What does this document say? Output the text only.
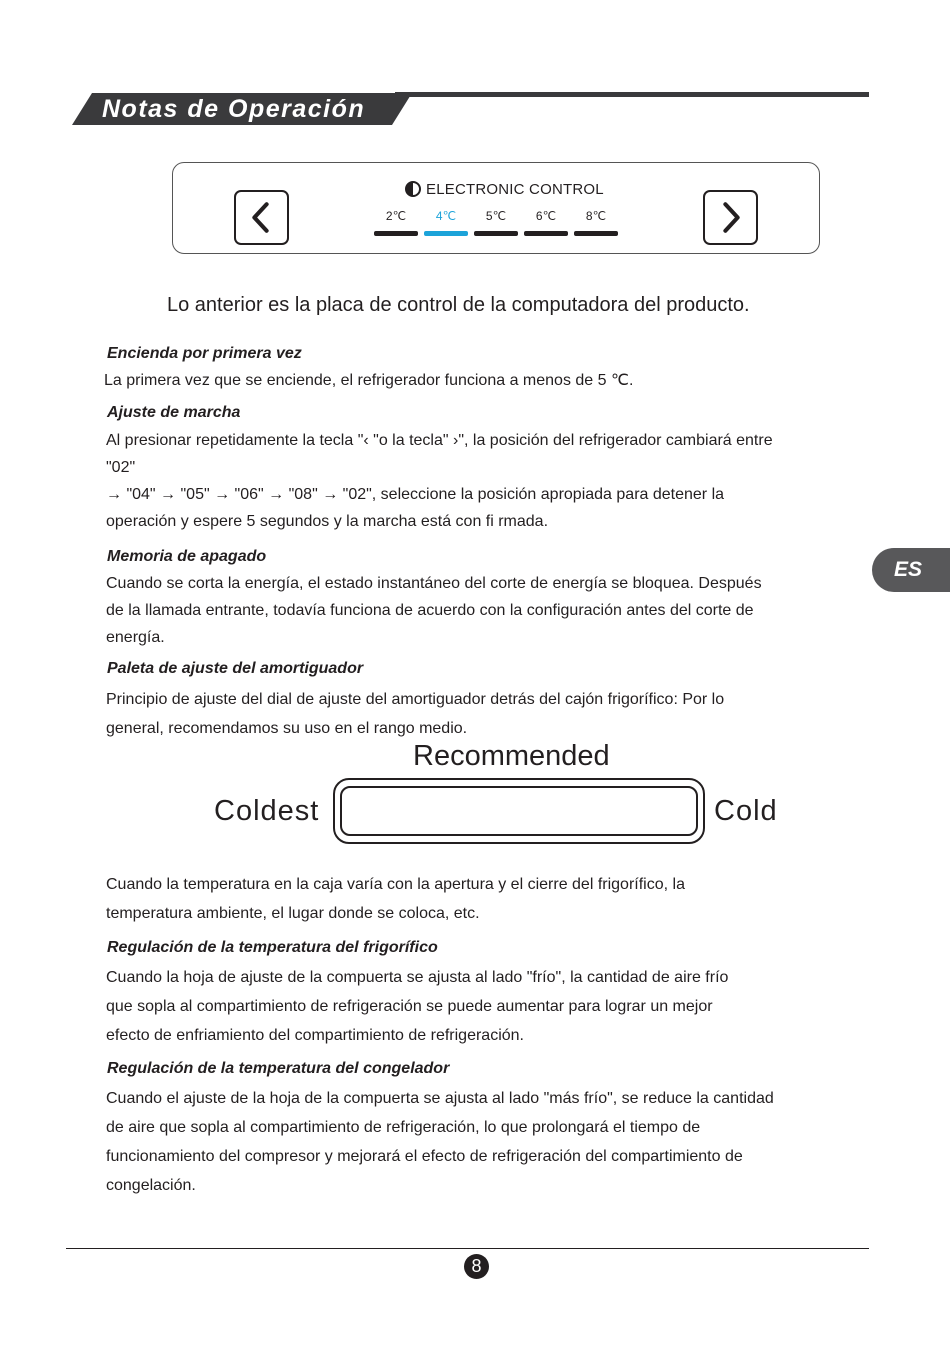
Notas de Operación
ELECTRONIC CONTROL
2℃	4℃	5℃	6℃	8℃
Lo anterior es la placa de control de la computadora del producto.
Encienda por primera vez
La primera vez que se enciende, el refrigerador funciona a menos de 5 ℃.
Ajuste de marcha
Al presionar repetidamente la tecla "‹ "o la tecla" ›", la posición del refrigerador cambiará entre
"02"
→ "04" → "05" → "06" → "08" → "02", seleccione la posición apropiada para detener la
operación y espere 5 segundos y la marcha está con fi rmada.
Memoria de apagado
Cuando se corta la energía, el estado instantáneo del corte de energía se bloquea. Después
de la llamada entrante, todavía funciona de acuerdo con la configuración antes del corte de
energía.
Paleta de ajuste del amortiguador
Principio de ajuste del dial de ajuste del amortiguador detrás del cajón frigorífico: Por lo
general, recomendamos su uso en el rango medio.
Recommended
Coldest	Cold
Cuando la temperatura en la caja varía con la apertura y el cierre del frigorífico, la
temperatura ambiente, el lugar donde se coloca, etc.
Regulación de la temperatura del frigorífico
Cuando la hoja de ajuste de la compuerta se ajusta al lado "frío", la cantidad de aire frío
que sopla al compartimiento de refrigeración se puede aumentar para lograr un mejor
efecto de enfriamiento del compartimiento de refrigeración.
Regulación de la temperatura del congelador
Cuando el ajuste de la hoja de la compuerta se ajusta al lado "más frío", se reduce la cantidad
de aire que sopla al compartimiento de refrigeración, lo que prolongará el tiempo de
funcionamiento del compresor y mejorará el efecto de refrigeración del compartimiento de
congelación.
ES
8
